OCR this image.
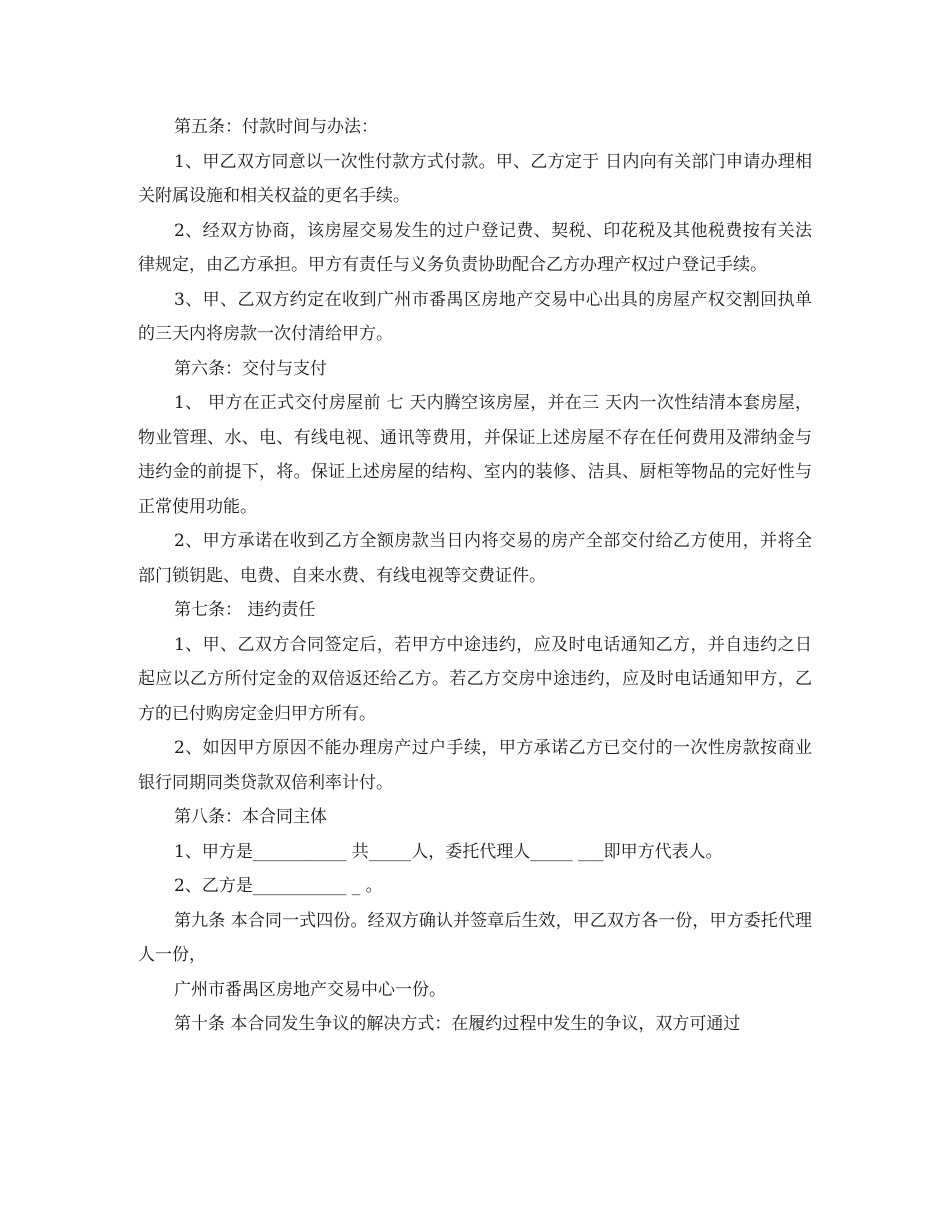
第五条：付款时间与办法：

1、甲乙双方同意以一次性付款方式付款。甲、乙方定于 日内向有关部门申请办理相关附属设施和相关权益的更名手续。

2、经双方协商，该房屋交易发生的过户登记费、契税、印花税及其他税费按有关法律规定，由乙方承担。甲方有责任与义务负责协助配合乙方办理产权过户登记手续。

3、甲、乙双方约定在收到广州市番禺区房地产交易中心出具的房屋产权交割回执单的三天内将房款一次付清给甲方。

第六条：交付与支付

1、 甲方在正式交付房屋前 七 天内腾空该房屋，并在三 天内一次性结清本套房屋，物业管理、水、电、有线电视、通讯等费用，并保证上述房屋不存在任何费用及滞纳金与违约金的前提下，将。保证上述房屋的结构、室内的装修、洁具、厨柜等物品的完好性与正常使用功能。

2、甲方承诺在收到乙方全额房款当日内将交易的房产全部交付给乙方使用，并将全部门锁钥匙、电费、自来水费、有线电视等交费证件。

第七条： 违约责任

1、甲、乙双方合同签定后，若甲方中途违约，应及时电话通知乙方，并自违约之日起应以乙方所付定金的双倍返还给乙方。若乙方交房中途违约，应及时电话通知甲方，乙方的已付购房定金归甲方所有。

2、如因甲方原因不能办理房产过户手续，甲方承诺乙方已交付的一次性房款按商业银行同期同类贷款双倍利率计付。

第八条：本合同主体

1、甲方是___________ 共_____人，委托代理人_____ ___即甲方代表人。

2、乙方是___________ _ 。

第九条 本合同一式四份。经双方确认并签章后生效，甲乙双方各一份，甲方委托代理人一份，

广州市番禺区房地产交易中心一份。

第十条 本合同发生争议的解决方式：在履约过程中发生的争议，双方可通过
